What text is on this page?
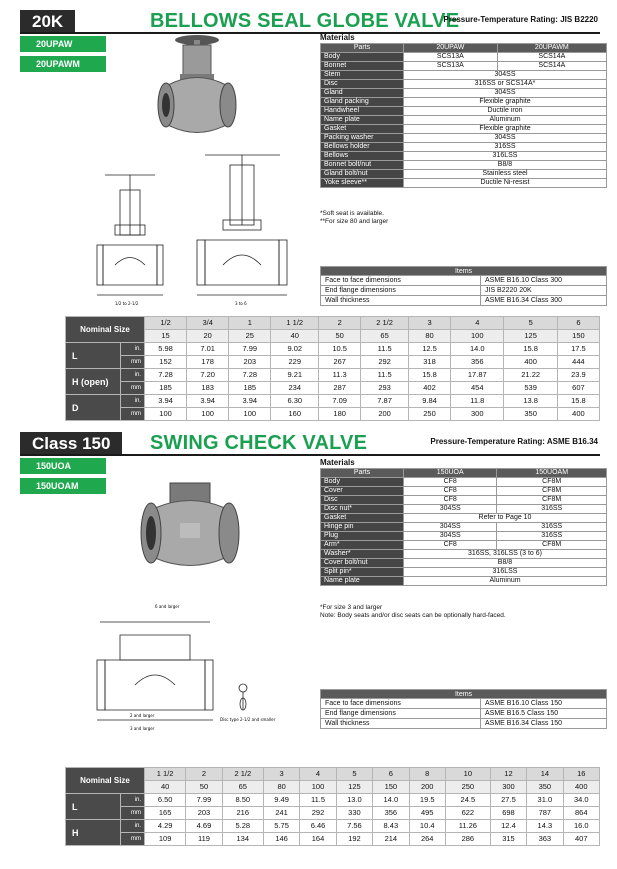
20K	BELLOWS SEAL GLOBE VALVE
Pressure-Temperature Rating: JIS B2220
20UPAW
20UPAWM
1/2 to 2-1/2	3 to 6
Materials
Parts	20UPAW	20UPAWM
Body	SCS13A	SCS14A
Bonnet	SCS13A	SCS14A
Stem	304SS	
Disc	316SS or SCS14A*	
Gland	304SS	
Gland packing	Flexible graphite	
Handwheel	Ductile iron	
Name plate	Aluminum	
Gasket	Flexible graphite	
Packing washer	304SS	
Bellows holder	316SS	
Bellows	316LSS	
Bonnet bolt/nut	B8/8	
Gland bolt/nut	Stainless steel	
Yoke sleeve**	Ductile Ni-resist	
*Soft seat is available.
**For size 80 and larger
Items	
Face to face dimensions	ASME B16.10 Class 300
End flange dimensions	JIS B2220 20K
Wall thickness	ASME B16.34 Class 300
Nominal Size		1/2	3/4	1	1 1/2	2	2 1/2	3	4	5	6
		15	20	25	40	50	65	80	100	125	150
L	in.	5.98	7.01	7.99	9.02	10.5	11.5	12.5	14.0	15.8	17.5
	mm	152	178	203	229	267	292	318	356	400	444
H (open)	in.	7.28	7.20	7.28	9.21	11.3	11.5	15.8	17.87	21.22	23.9
	mm	185	183	185	234	287	293	402	454	539	607
D	in.	3.94	3.94	3.94	6.30	7.09	7.87	9.84	11.8	13.8	15.8
	mm	100	100	100	160	180	200	250	300	350	400
Class 150	SWING CHECK VALVE	Pressure-Temperature Rating: ASME B16.34
150UOA
150UOAM
6 and larger
2 and larger
3 and larger
Disc type 2-1/2 and smaller
Materials
Parts	150UOA	150UOAM
Body	CF8	CF8M
Cover	CF8	CF8M
Disc	CF8	CF8M
Disc nut*	304SS	316SS
Gasket	Refer to Page 10	
Hinge pin	304SS	316SS
Plug	304SS	316SS
Arm*	CF8	CF8M
Washer*	316SS, 316LSS (3 to 6)	
Cover bolt/nut	B8/8	
Split pin*	316LSS	
Name plate	Aluminum	
*For size 3 and larger
Note: Body seats and/or disc seats can be optionally hard-faced.
Items	
Face to face dimensions	ASME B16.10 Class 150
End flange dimensions	ASME B16.5 Class 150
Wall thickness	ASME B16.34 Class 150
Nominal Size		1 1/2	2	2 1/2	3	4	5	6	8	10	12	14	16
		40	50	65	80	100	125	150	200	250	300	350	400
L	in.	6.50	7.99	8.50	9.49	11.5	13.0	14.0	19.5	24.5	27.5	31.0	34.0
	mm	165	203	216	241	292	330	356	495	622	698	787	864
H	in.	4.29	4.69	5.28	5.75	6.46	7.56	8.43	10.4	11.26	12.4	14.3	16.0
	mm	109	119	134	146	164	192	214	264	286	315	363	407
